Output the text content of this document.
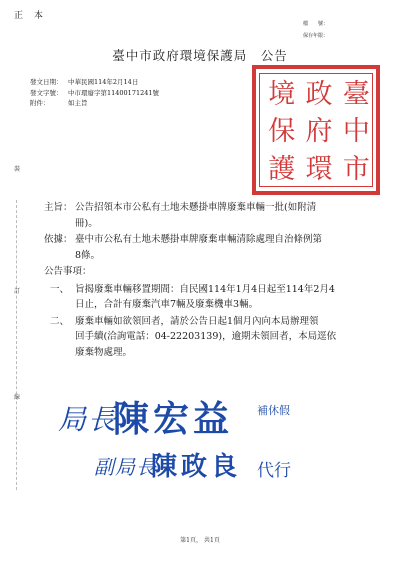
正 本
檔　　號：
保存年限：
臺中市政府環境保護局　公告
發文日期： 中華民國114年2月14日
發文字號： 中市環廢字第11400171241號
附件：	如主旨	臺
中
市
政
府
環
境
保
護
裝
訂
線
主旨： 公告招領本市公私有土地未懸掛車牌廢棄車輛一批(如附清
冊)。
依據： 臺中市公私有土地未懸掛車牌廢棄車輛清除處理自治條例第
8條。
公告事項：
一、 旨揭廢棄車輛移置期間：自民國114年1月4日起至114年2月4
日止，合計有廢棄汽車7輛及廢棄機車3輛。
二、 廢棄車輛如欲領回者，請於公告日起1個月內向本局辦理領
回手續(洽詢電話：04-22203139)，逾期未領回者，本局逕依
廢棄物處理。
局長
陳宏益 補休假
副局長
陳政良 代行
第1頁， 共1頁
